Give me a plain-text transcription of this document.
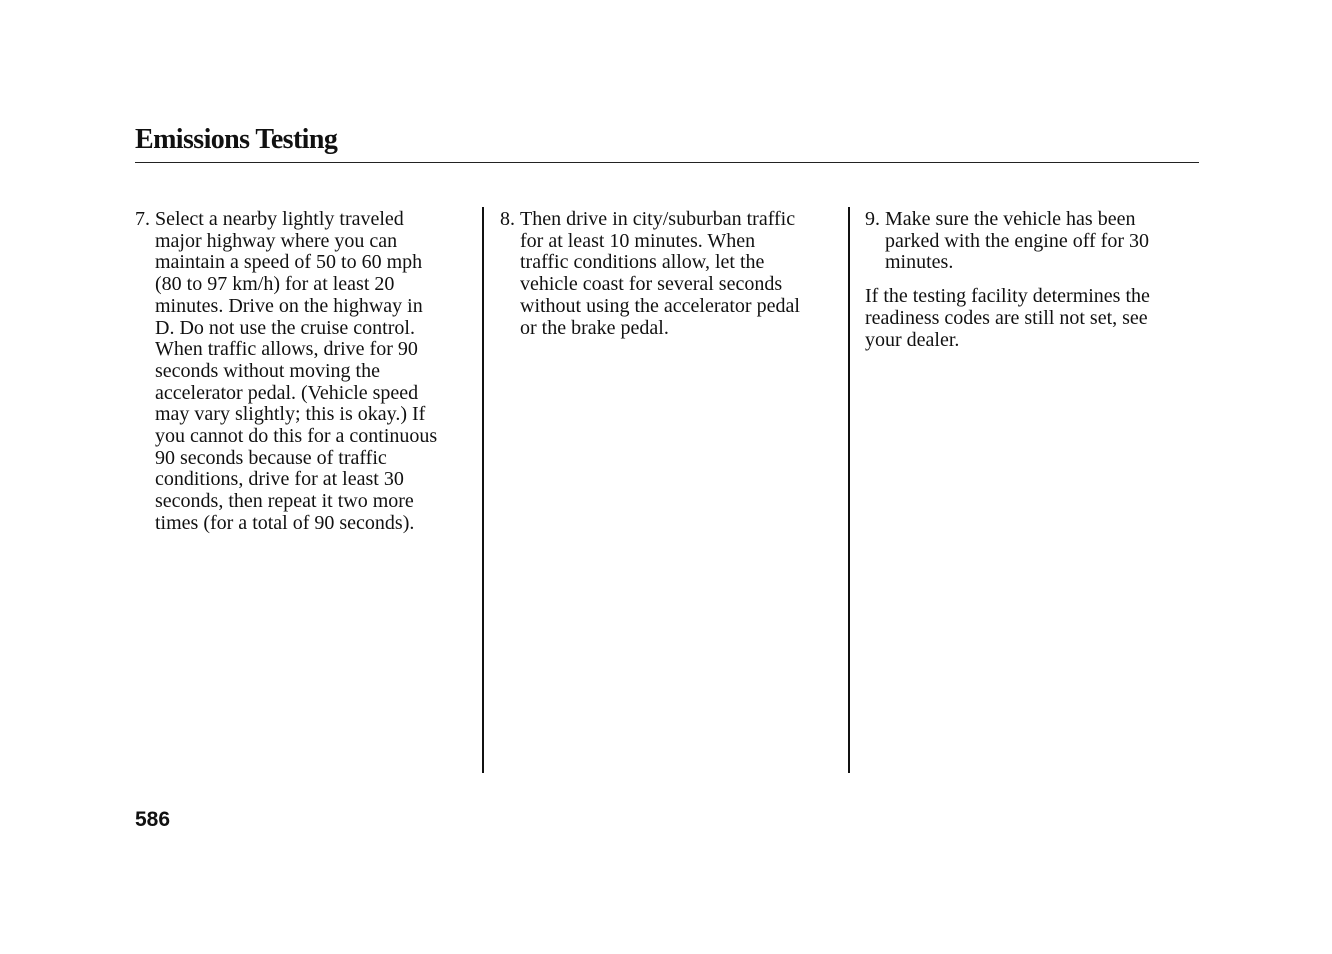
Emissions Testing
7. Select a nearby lightly traveled
major highway where you can
maintain a speed of 50 to 60 mph
(80 to 97 km/h) for at least 20
minutes. Drive on the highway in
D. Do not use the cruise control.
When traffic allows, drive for 90
seconds without moving the
accelerator pedal. (Vehicle speed
may vary slightly; this is okay.) If
you cannot do this for a continuous
90 seconds because of traffic
conditions, drive for at least 30
seconds, then repeat it two more
times (for a total of 90 seconds).
8. Then drive in city/suburban traffic
for at least 10 minutes. When
traffic conditions allow, let the
vehicle coast for several seconds
without using the accelerator pedal
or the brake pedal.
9. Make sure the vehicle has been
parked with the engine off for 30
minutes.
If the testing facility determines the
readiness codes are still not set, see
your dealer.
586
